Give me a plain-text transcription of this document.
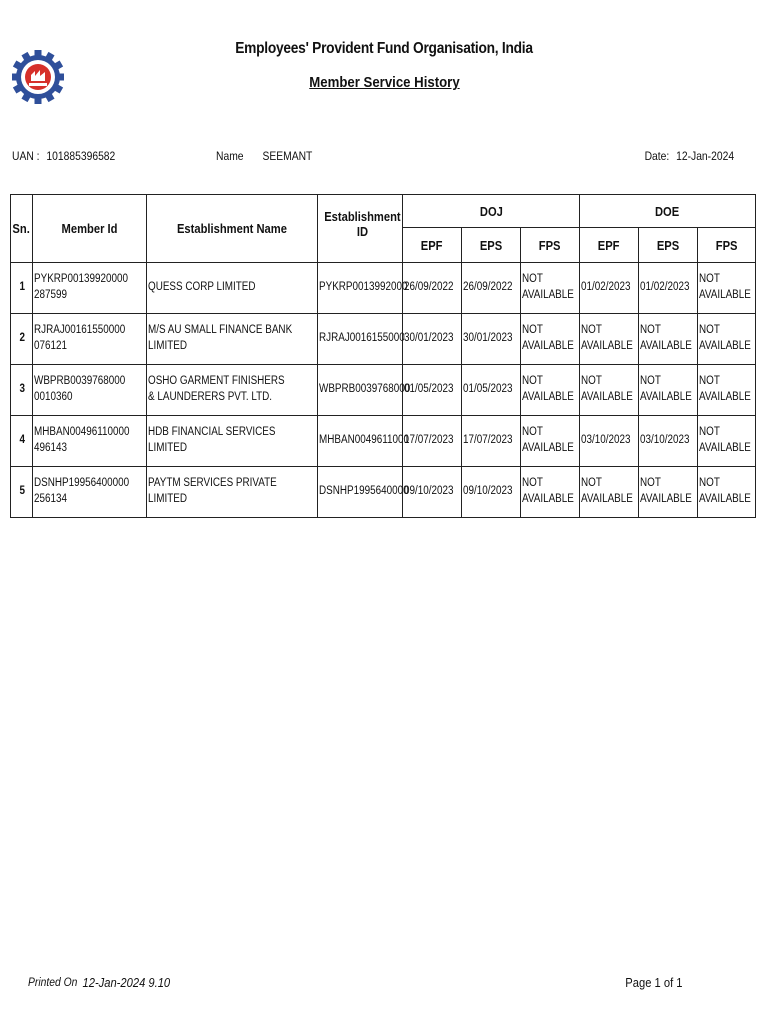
Employees' Provident Fund Organisation, India
Member Service History
UAN : 101885396582	Name SEEMANT	Date: 12-Jan-2024
Sn.	Member Id	Establishment Name	Establishment ID	DOJ			DOE		
				EPF	EPS	FPS	EPF	EPS	FPS
1	PYKRP00139920000287599	QUESS CORP LIMITED	PYKRP0013992000	26/09/2022	26/09/2022	NOT AVAILABLE	01/02/2023	01/02/2023	NOT AVAILABLE
2	RJRAJ00161550000076121	M/S AU SMALL FINANCE BANK LIMITED	RJRAJ0016155000	30/01/2023	30/01/2023	NOT AVAILABLE	NOT AVAILABLE	NOT AVAILABLE	NOT AVAILABLE
3	WBPRB00397680000010360	OSHO GARMENT FINISHERS & LAUNDERERS PVT. LTD.	WBPRB0039768000	01/05/2023	01/05/2023	NOT AVAILABLE	NOT AVAILABLE	NOT AVAILABLE	NOT AVAILABLE
4	MHBAN00496110000496143	HDB FINANCIAL SERVICES LIMITED	MHBAN0049611000	17/07/2023	17/07/2023	NOT AVAILABLE	03/10/2023	03/10/2023	NOT AVAILABLE
5	DSNHP19956400000256134	PAYTM SERVICES PRIVATE LIMITED	DSNHP1995640000	09/10/2023	09/10/2023	NOT AVAILABLE	NOT AVAILABLE	NOT AVAILABLE	NOT AVAILABLE
Printed On 12-Jan-2024 9.10	Page 1 of 1
